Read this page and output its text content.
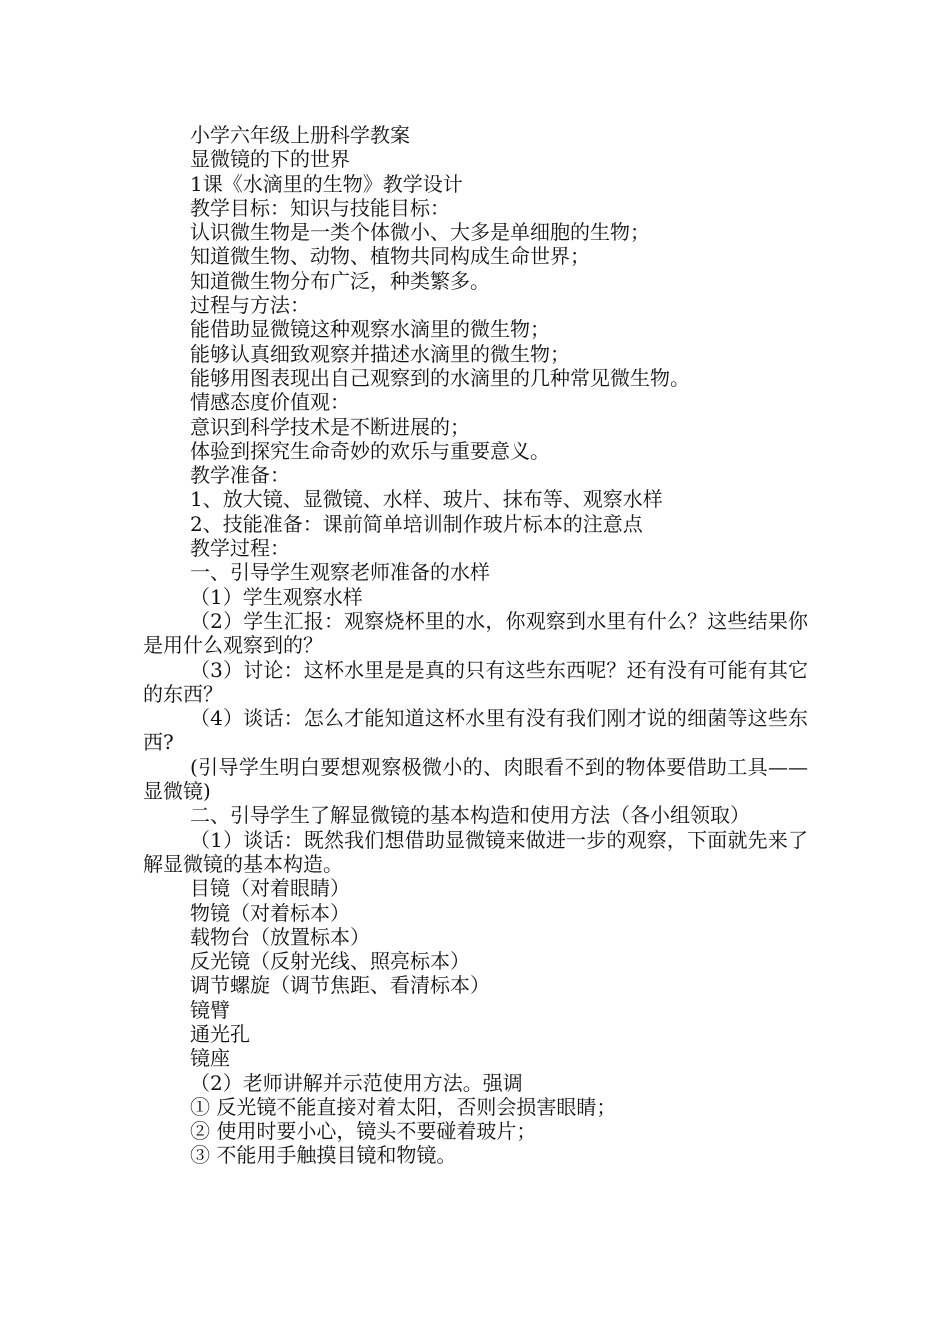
小学六年级上册科学教案
显微镜的下的世界
1课《水滴里的生物》教学设计
教学目标：知识与技能目标：
认识微生物是一类个体微小、大多是单细胞的生物；
知道微生物、动物、植物共同构成生命世界；
知道微生物分布广泛，种类繁多。
过程与方法：
能借助显微镜这种观察水滴里的微生物；
能够认真细致观察并描述水滴里的微生物；
能够用图表现出自己观察到的水滴里的几种常见微生物。
情感态度价值观：
意识到科学技术是不断进展的；
体验到探究生命奇妙的欢乐与重要意义。
教学准备：
1、放大镜、显微镜、水样、玻片、抹布等、观察水样
2、技能准备：课前简单培训制作玻片标本的注意点
教学过程：
一、引导学生观察老师准备的水样
（1）学生观察水样
（2）学生汇报：观察烧杯里的水，你观察到水里有什么？这些结果你是用什么观察到的？
（3）讨论：这杯水里是是真的只有这些东西呢？还有没有可能有其它的东西？
（4）谈话：怎么才能知道这杯水里有没有我们刚才说的细菌等这些东西?
(引导学生明白要想观察极微小的、肉眼看不到的物体要借助工具——显微镜)
二、引导学生了解显微镜的基本构造和使用方法（各小组领取）
（1）谈话：既然我们想借助显微镜来做进一步的观察，下面就先来了解显微镜的基本构造。
目镜（对着眼睛）
物镜（对着标本）
载物台（放置标本）
反光镜（反射光线、照亮标本）
调节螺旋（调节焦距、看清标本）
镜臂
通光孔
镜座
（2）老师讲解并示范使用方法。强调
① 反光镜不能直接对着太阳，否则会损害眼睛；
② 使用时要小心，镜头不要碰着玻片；
③ 不能用手触摸目镜和物镜。
